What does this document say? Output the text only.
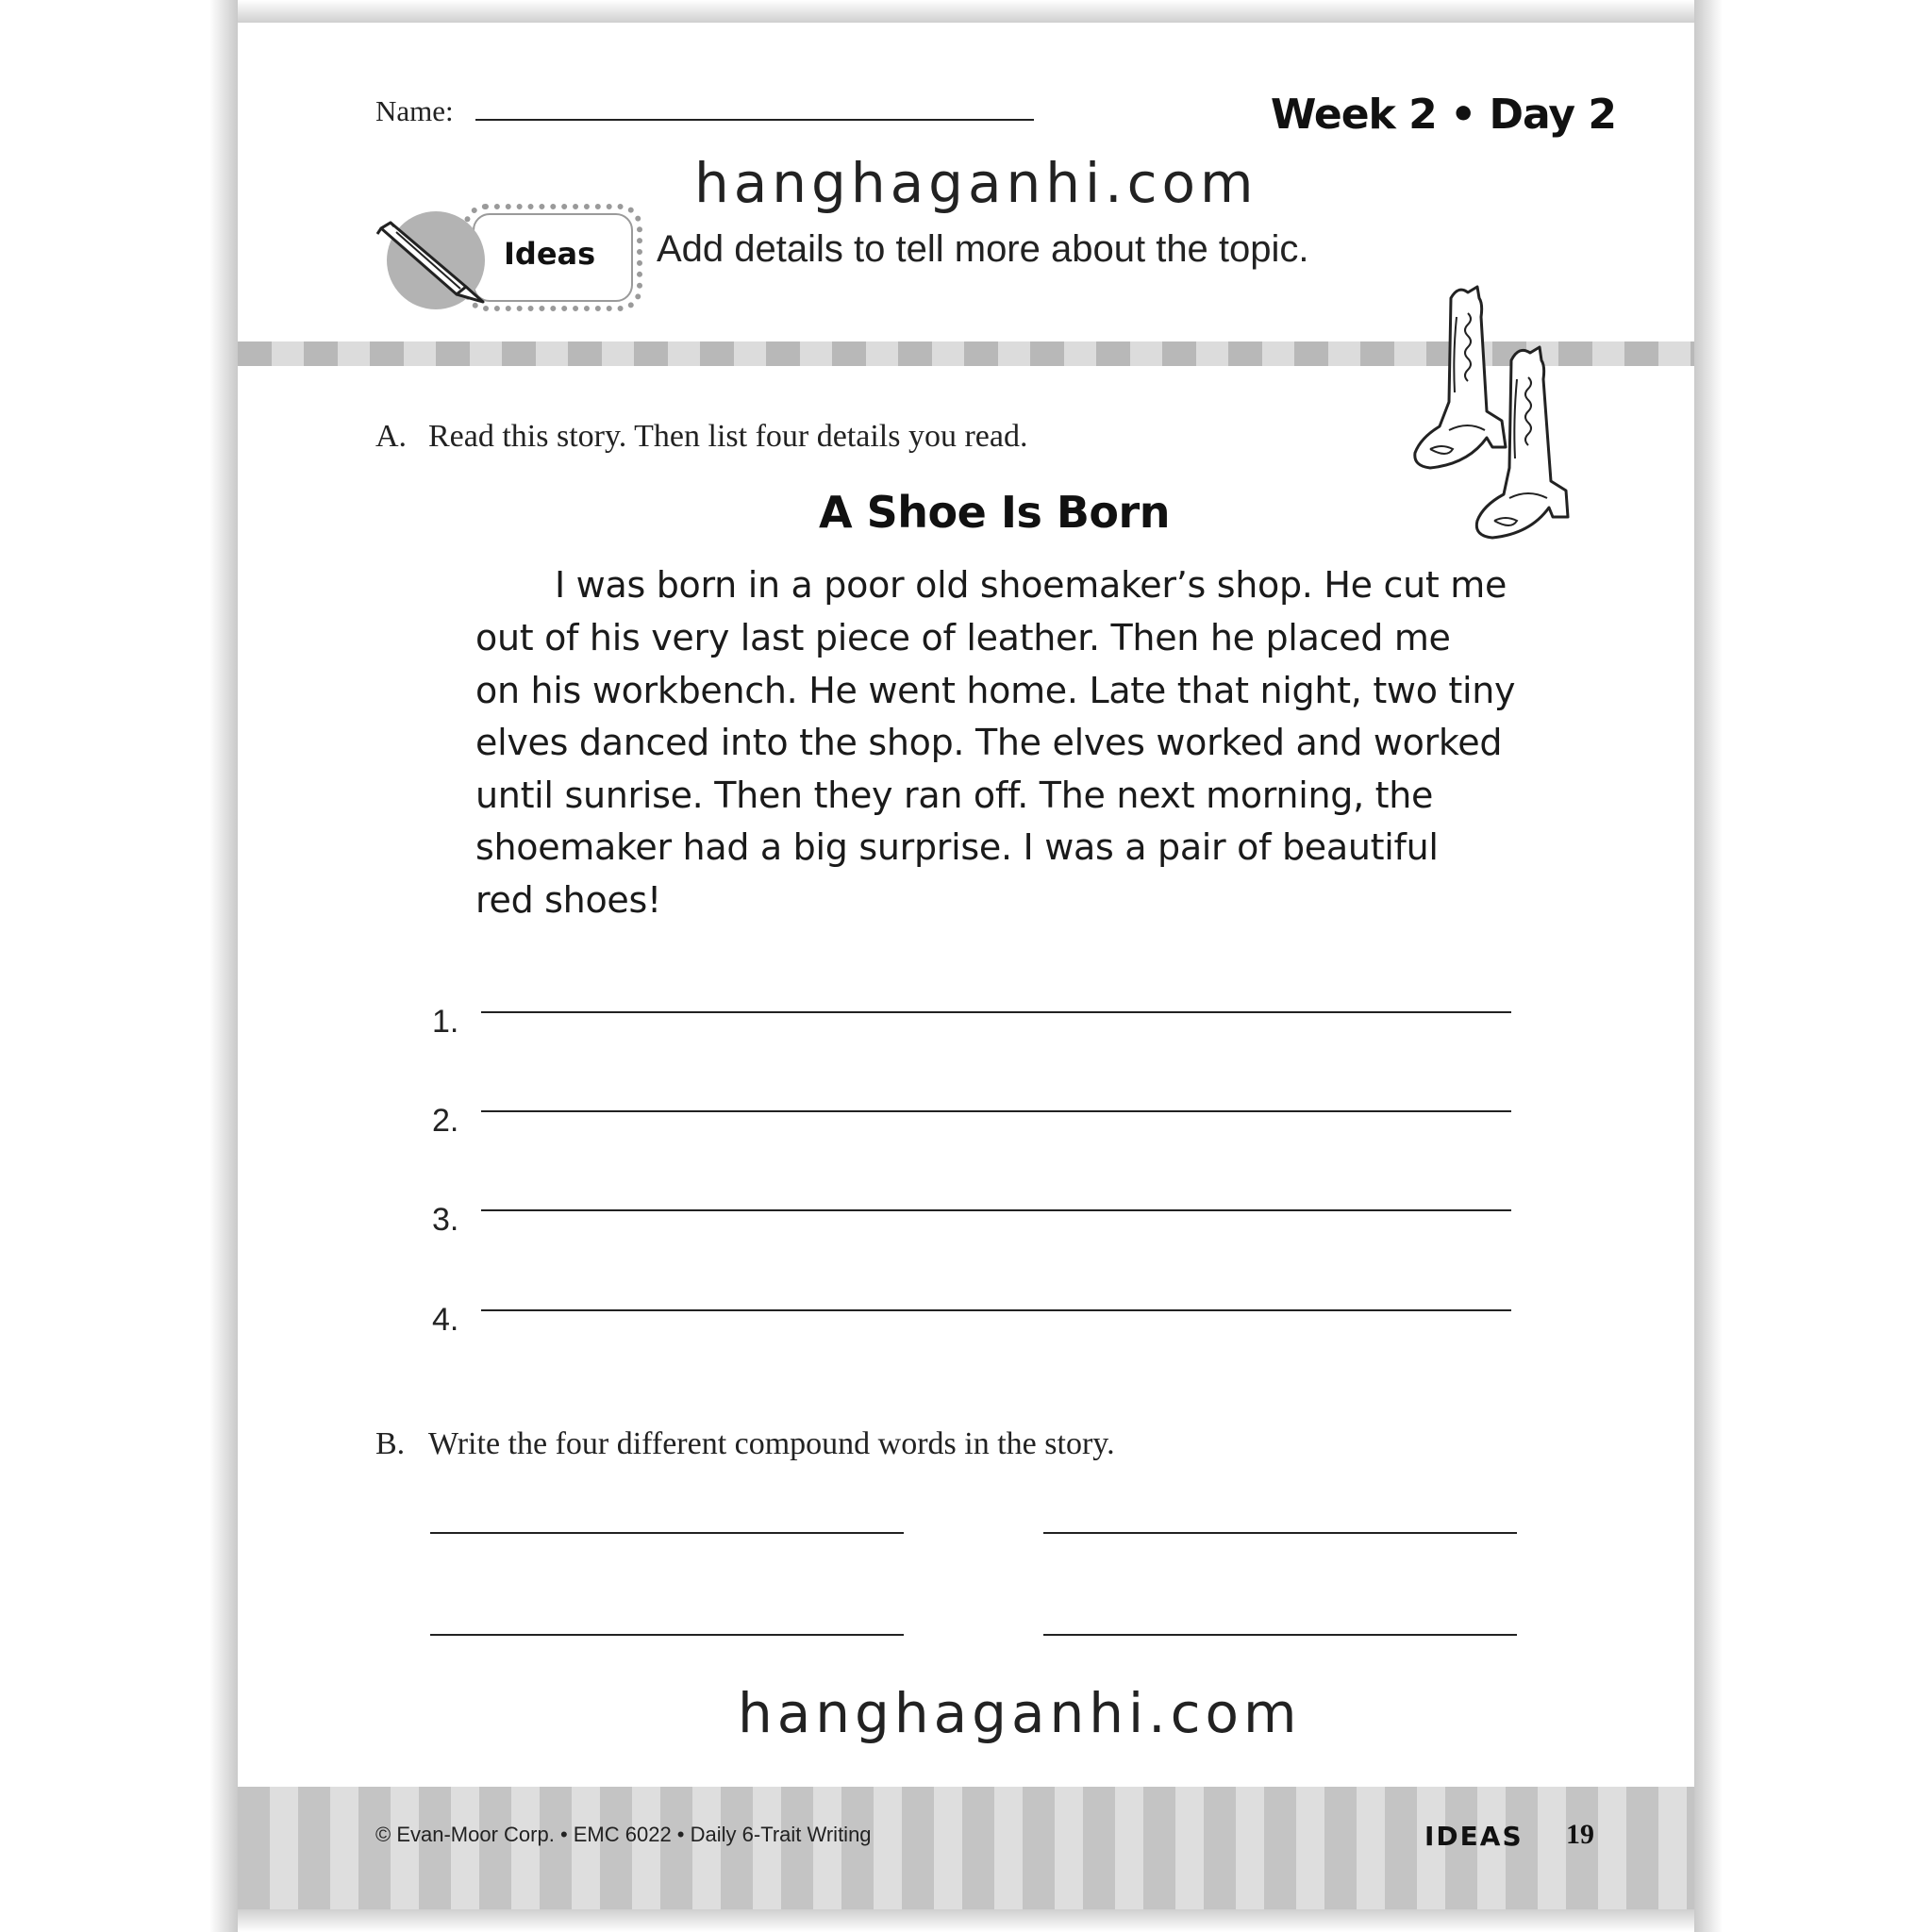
Name:	Week 2 • Day 2
hanghaganhi.com
Ideas Add details to tell more about the topic.
A. Read this story. Then list four details you read.
A Shoe Is Born
I was born in a poor old shoemaker’s shop. He cut me
out of his very last piece of leather. Then he placed me
on his workbench. He went home. Late that night, two tiny
elves danced into the shop. The elves worked and worked
until sunrise. Then they ran off. The next morning, the
shoemaker had a big surprise. I was a pair of beautiful
red shoes!
1.
2.
3.
4.
B. Write the four different compound words in the story.
hanghaganhi.com
© Evan-Moor Corp. • EMC 6022 • Daily 6-Trait Writing	IDEAS 19
